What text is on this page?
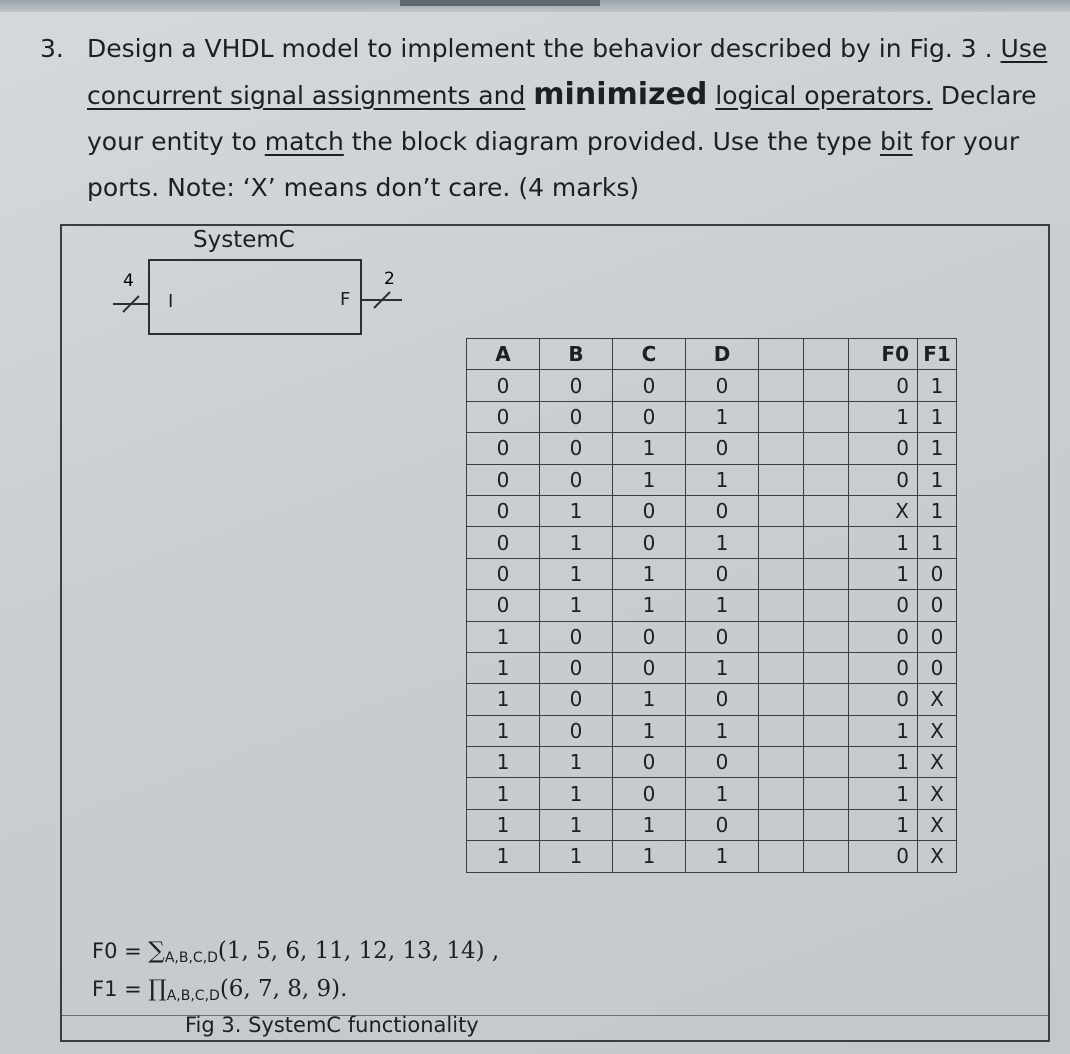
3. Design a VHDL model to implement the behavior described by in Fig. 3 . Use
concurrent signal assignments and minimized logical operators. Declare
your entity to match the block diagram provided. Use the type bit for your
ports. Note: ‘X’ means don’t care. (4 marks)
SystemC
I	F
4	2
A	B	C	D			F0	F1
0	0	0	0			0	1
0	0	0	1			1	1
0	0	1	0			0	1
0	0	1	1			0	1
0	1	0	0			X	1
0	1	0	1			1	1
0	1	1	0			1	0
0	1	1	1			0	0
1	0	0	0			0	0
1	0	0	1			0	0
1	0	1	0			0	X
1	0	1	1			1	X
1	1	0	0			1	X
1	1	0	1			1	X
1	1	1	0			1	X
1	1	1	1			0	X
$F0 = \sum_{A,B,C,D}(1$, 5, 6, 11, 12, 13, 14) ,
$F1 = \prod_{A,B,C,D}(6$, 7, 8, 9).
Fig 3. SystemC functionality
